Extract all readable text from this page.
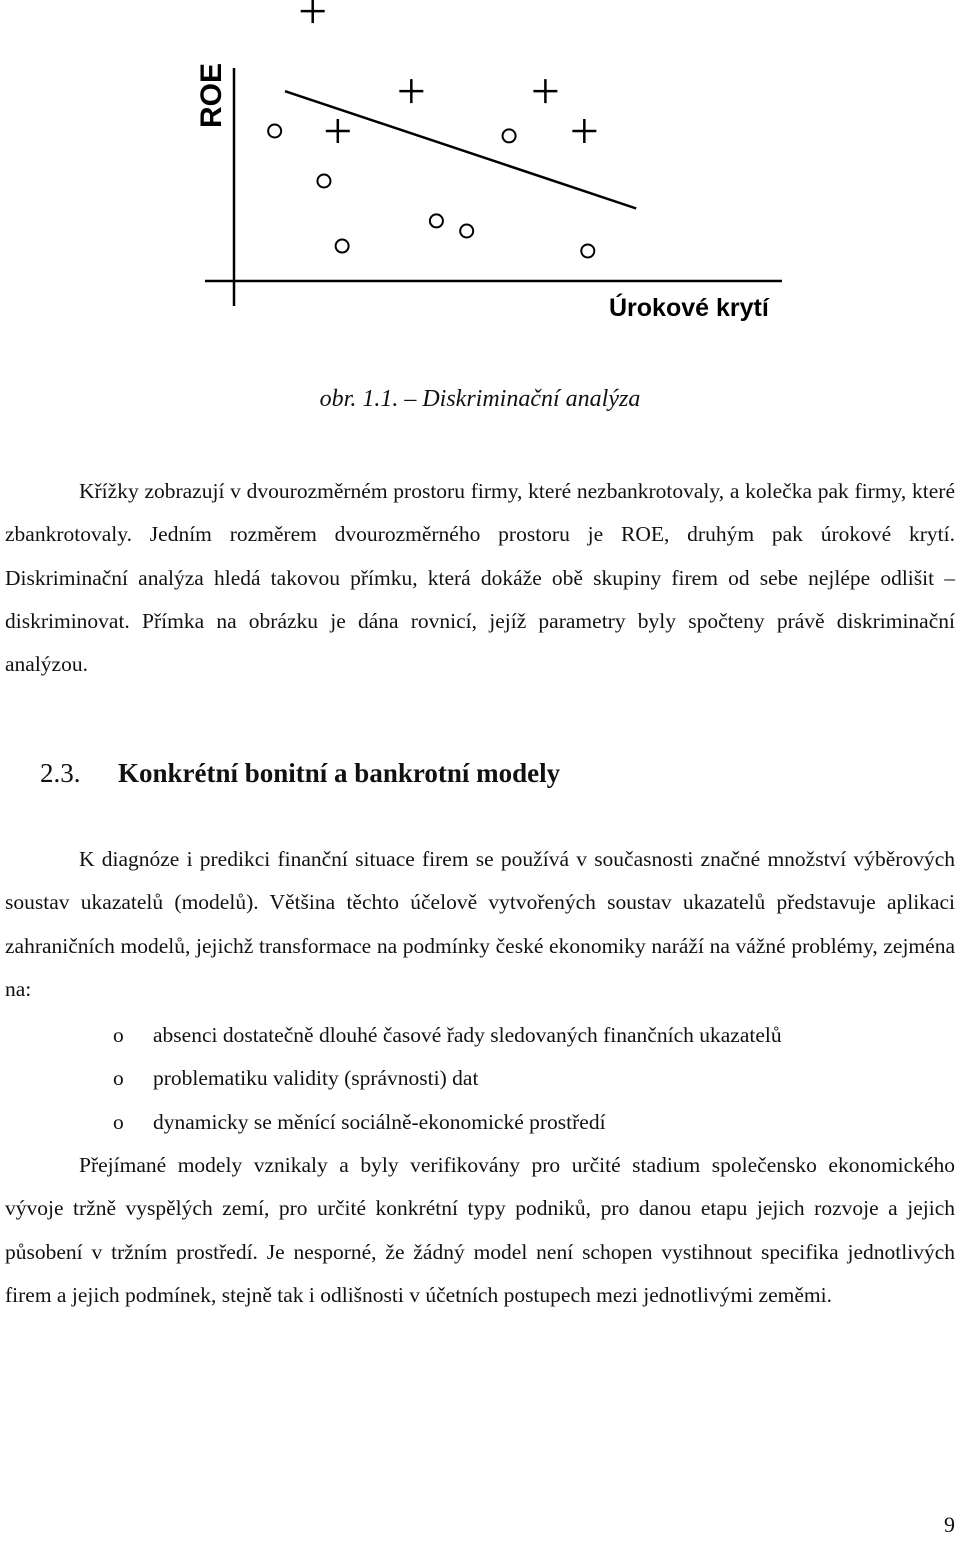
ROE
Úrokové krytí
obr. 1.1. – Diskriminační analýza

Křížky zobrazují v dvourozměrném prostoru firmy, které nezbankrotovaly, a kolečka pak firmy, které zbankrotovaly. Jedním rozměrem dvourozměrného prostoru je ROE, druhým pak úrokové krytí. Diskriminační analýza hledá takovou přímku, která dokáže obě skupiny firem od sebe nejlépe odlišit – diskriminovat. Přímka na obrázku je dána rovnicí, jejíž parametry byly spočteny právě diskriminační analýzou.

2.3. Konkrétní bonitní a bankrotní modely

K diagnóze i predikci finanční situace firem se používá v současnosti značné množství výběrových soustav ukazatelů (modelů). Většina těchto účelově vytvořených soustav ukazatelů představuje aplikaci zahraničních modelů, jejichž transformace na podmínky české ekonomiky naráží na vážné problémy, zejména na:

o absenci dostatečně dlouhé časové řady sledovaných finančních ukazatelů
o problematiku validity (správnosti) dat
o dynamicky se měnící sociálně-ekonomické prostředí

Přejímané modely vznikaly a byly verifikovány pro určité stadium společensko ekonomického vývoje tržně vyspělých zemí, pro určité konkrétní typy podniků, pro danou etapu jejich rozvoje a jejich působení v tržním prostředí. Je nesporné, že žádný model není schopen vystihnout specifika jednotlivých firem a jejich podmínek, stejně tak i odlišnosti v účetních postupech mezi jednotlivými zeměmi.

9
